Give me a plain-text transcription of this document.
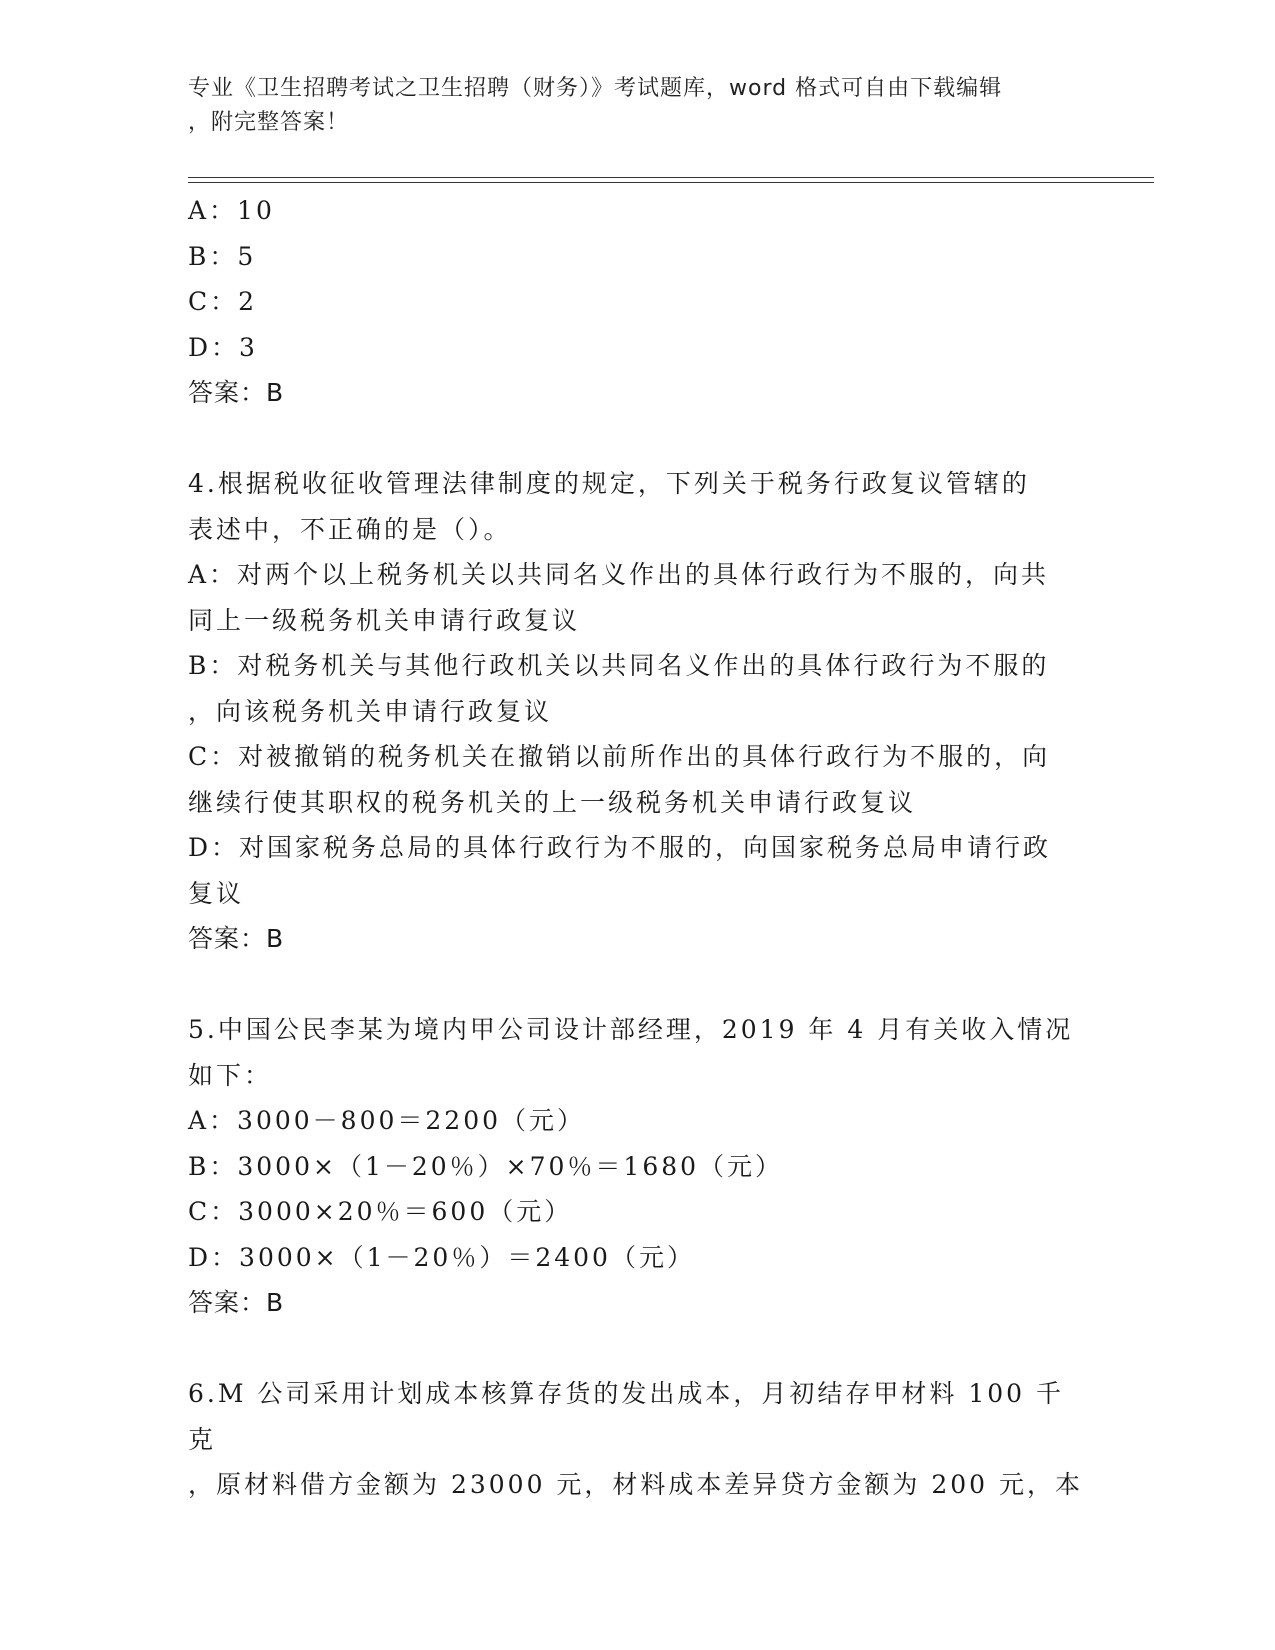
专业《卫生招聘考试之卫生招聘（财务）》考试题库，word 格式可自由下载编辑
，附完整答案！
A：10
B：5
C：2
D：3
答案：B
4.根据税收征收管理法律制度的规定，下列关于税务行政复议管辖的
表述中，不正确的是（）。
A：对两个以上税务机关以共同名义作出的具体行政行为不服的，向共
同上一级税务机关申请行政复议
B：对税务机关与其他行政机关以共同名义作出的具体行政行为不服的
，向该税务机关申请行政复议
C：对被撤销的税务机关在撤销以前所作出的具体行政行为不服的，向
继续行使其职权的税务机关的上一级税务机关申请行政复议
D：对国家税务总局的具体行政行为不服的，向国家税务总局申请行政
复议
答案：B
5.中国公民李某为境内甲公司设计部经理，2019 年 4 月有关收入情况
如下：
A：3000－800＝2200（元）
B：3000×（1－20％）×70％＝1680（元）
C：3000×20％＝600（元）
D：3000×（1－20％）＝2400（元）
答案：B
6.M 公司采用计划成本核算存货的发出成本，月初结存甲材料 100 千克
，原材料借方金额为 23000 元，材料成本差异贷方金额为 200 元，本
